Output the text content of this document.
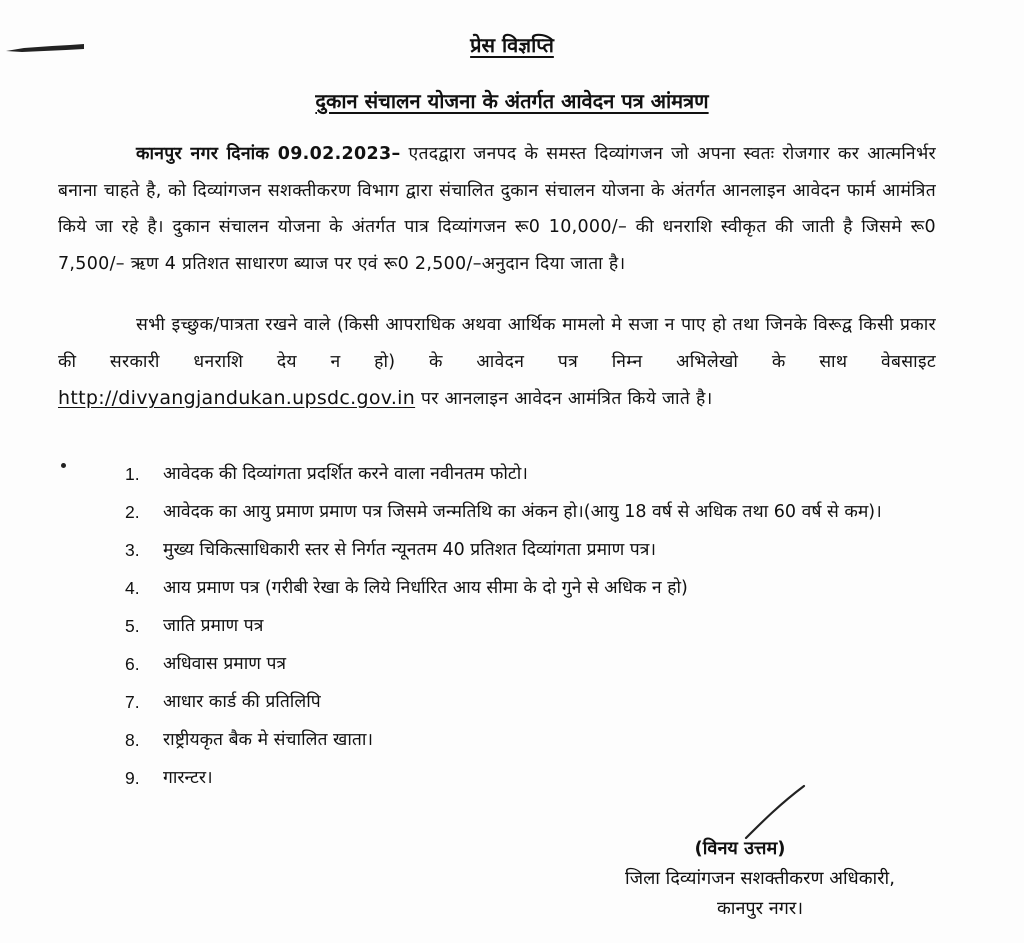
प्रेस विज्ञप्ति
दुकान संचालन योजना के अंतर्गत आवेदन पत्र आंमत्रण
कानपुर नगर दिनांक 09.02.2023– एतदद्वारा जनपद के समस्त दिव्यांगजन जो अपना स्वतः रोजगार कर आत्मनिर्भर बनाना चाहते है, को दिव्यांगजन सशक्तीकरण विभाग द्वारा संचालित दुकान संचालन योजना के अंतर्गत आनलाइन आवेदन फार्म आमंत्रित किये जा रहे है। दुकान संचालन योजना के अंतर्गत पात्र दिव्यांगजन रू0 10,000/– की धनराशि स्वीकृत की जाती है जिसमे रू0 7,500/– ऋण 4 प्रतिशत साधारण ब्याज पर एवं रू0 2,500/–अनुदान दिया जाता है।
सभी इच्छुक/पात्रता रखने वाले (किसी आपराधिक अथवा आर्थिक मामलो मे सजा न पाए हो तथा जिनके विरूद्व किसी प्रकार की सरकारी धनराशि देय न हो) के आवेदन पत्र निम्न अभिलेखो के साथ वेबसाइट http://divyangjandukan.upsdc.gov.in पर आनलाइन आवेदन आमंत्रित किये जाते है।
1. आवेदक की दिव्यांगता प्रदर्शित करने वाला नवीनतम फोटो।
2. आवेदक का आयु प्रमाण प्रमाण पत्र जिसमे जन्मतिथि का अंकन हो।(आयु 18 वर्ष से अधिक तथा 60 वर्ष से कम)।
3. मुख्य चिकित्साधिकारी स्तर से निर्गत न्यूनतम 40 प्रतिशत दिव्यांगता प्रमाण पत्र।
4. आय प्रमाण पत्र (गरीबी रेखा के लिये निर्धारित आय सीमा के दो गुने से अधिक न हो)
5. जाति प्रमाण पत्र
6. अधिवास प्रमाण पत्र
7. आधार कार्ड की प्रतिलिपि
8. राष्ट्रीयकृत बैक मे संचालित खाता।
9. गारन्टर।
(विनय उत्तम)
जिला दिव्यांगजन सशक्तीकरण अधिकारी,
कानपुर नगर।
